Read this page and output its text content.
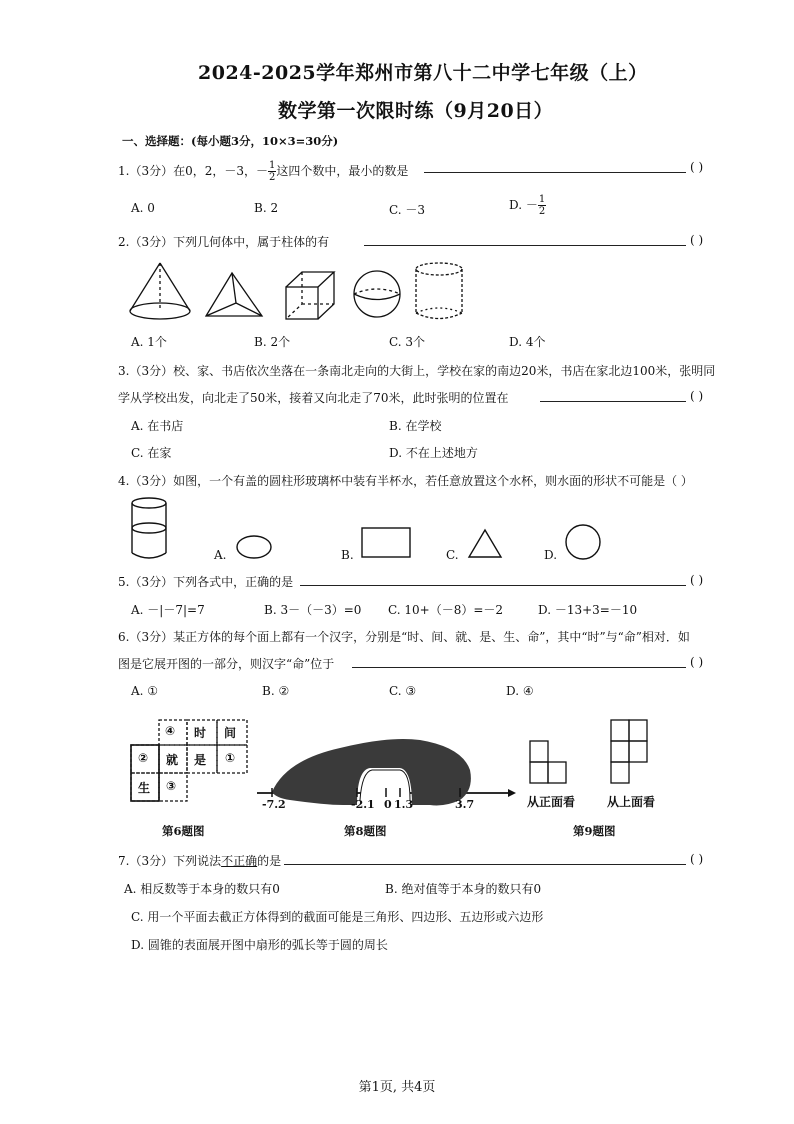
2024-2025学年郑州市第八十二中学七年级（上）
数学第一次限时练（9月20日）
一、选择题：(每小题3分，10×3=30分)
1.（3分）在0，2，－3，－ $\frac{1}{2}$ 这四个数中，最小的数是	( )
A. 0	B. 2	C. －3	D. － $\frac{1}{2}$
2.（3分）下列几何体中，属于柱体的有	( )
A. 1个	B. 2个	C. 3个	D. 4个
3.（3分）校、家、书店依次坐落在一条南北走向的大街上，学校在家的南边20米，书店在家北边100米，张明同
学从学校出发，向北走了50米，接着又向北走了70米，此时张明的位置在	( )
A. 在书店	B. 在学校
C. 在家	D. 不在上述地方
4.（3分）如图，一个有盖的圆柱形玻璃杯中装有半杯水，若任意放置这个水杯，则水面的形状不可能是（ ）
A.	B.	C.	D.
5.（3分）下列各式中，正确的是	( )
A. －|－7|=7	B. 3－（－3）=0 C. 10+（－8）=－2	D. －13+3=－10
6.（3分）某正方体的每个面上都有一个汉字，分别是“时、间、就、是、生、命”，其中“时”与“命”相对．如
图是它展开图的一部分，则汉字“命”位于	( )
A. ①	B. ②	C. ③	D. ④
④ 时 间
② 就 是 ①
生 ③
第6题图
-7.2	-2.1 0 1.3	3.7
第8题图
从正面看	从上面看
第9题图
7.（3分）下列说法不正确的是	( )
A. 相反数等于本身的数只有0	B. 绝对值等于本身的数只有0
C. 用一个平面去截正方体得到的截面可能是三角形、四边形、五边形或六边形
D. 圆锥的表面展开图中扇形的弧长等于圆的周长
第1页, 共4页
